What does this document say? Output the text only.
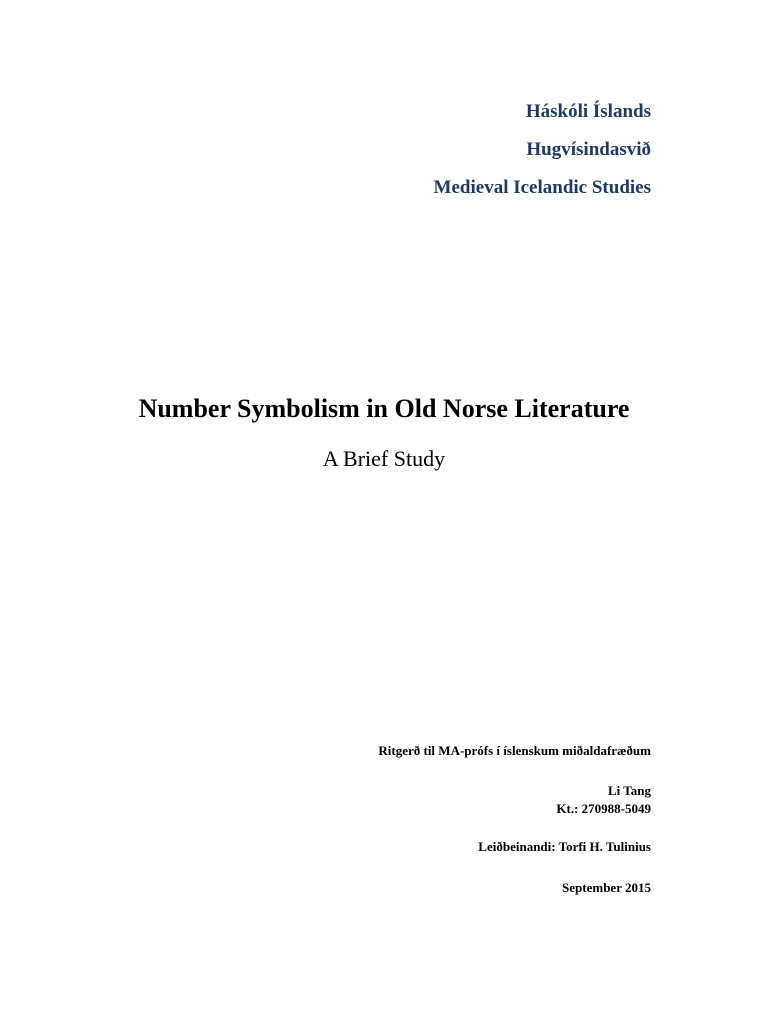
Háskóli Íslands
Hugvísindasvið
Medieval Icelandic Studies
Number Symbolism in Old Norse Literature
A Brief Study
Ritgerð til MA-prófs í íslenskum miðaldafræðum
Li Tang
Kt.: 270988-5049
Leiðbeinandi: Torfi H. Tulinius
September 2015
